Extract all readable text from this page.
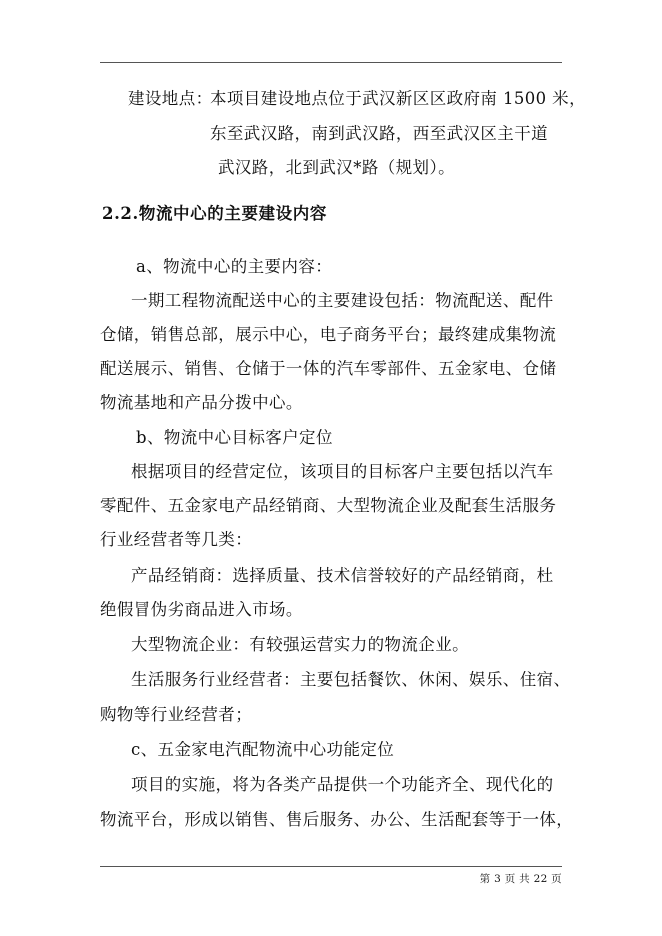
建设地点：
本项目建设地点位于武汉新区区政府南 1500 米，
东至武汉路，南到武汉路，西至武汉区主干道
武汉路，北到武汉*路（规划）。
2.2.物流中心的主要建设内容
a、物流中心的主要内容：
一期工程物流配送中心的主要建设包括：物流配送、配件
仓储，销售总部，展示中心，电子商务平台；最终建成集物流
配送展示、销售、仓储于一体的汽车零部件、五金家电、仓储
物流基地和产品分拨中心。
b、物流中心目标客户定位
根据项目的经营定位，该项目的目标客户主要包括以汽车
零配件、五金家电产品经销商、大型物流企业及配套生活服务
行业经营者等几类：
产品经销商：选择质量、技术信誉较好的产品经销商，杜
绝假冒伪劣商品进入市场。
大型物流企业：有较强运营实力的物流企业。
生活服务行业经营者：主要包括餐饮、休闲、娱乐、住宿、
购物等行业经营者；
c、五金家电汽配物流中心功能定位
项目的实施，将为各类产品提供一个功能齐全、现代化的
物流平台，形成以销售、售后服务、办公、生活配套等于一体，
第 3 页 共 22 页
